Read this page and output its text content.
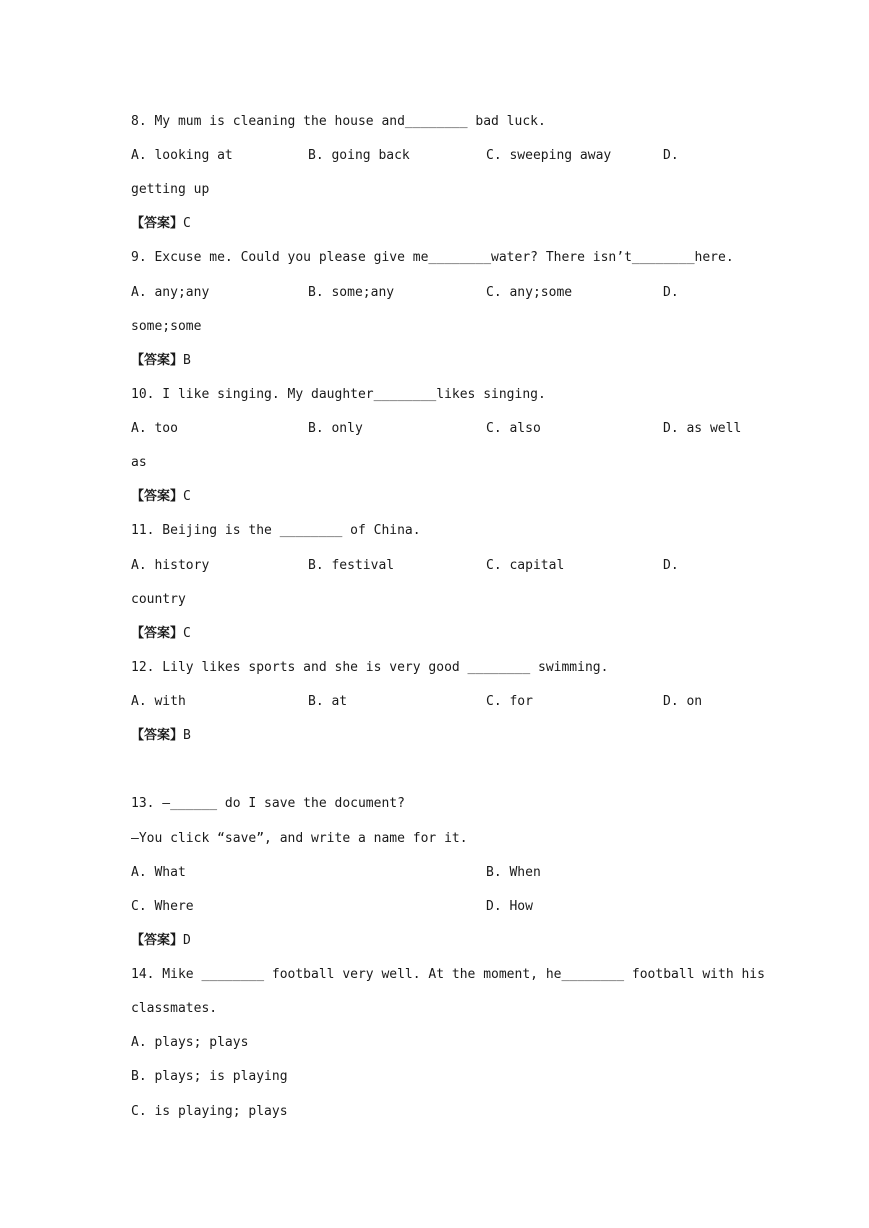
8. My mum is cleaning the house and________ bad luck.
A. looking at	B. going back	C. sweeping away	D.
getting up
【答案】C
9. Excuse me. Could you please give me________water? There isn’t________here.
A. any;any	B. some;any	C. any;some	D.
some;some
【答案】B
10. I like singing. My daughter________likes singing.
A. too	B. only	C. also	D. as well
as
【答案】C
11. Beijing is the ________ of China.
A. history	B. festival	C. capital	D.
country
【答案】C
12. Lily likes sports and she is very good ________ swimming.
A. with	B. at	C. for	D. on
【答案】B
13. —______ do I save the document?
—You click “save”, and write a name for it.
A. What	B. When
C. Where	D. How
【答案】D
14. Mike ________ football very well. At the moment, he________ football with his
classmates.
A. plays; plays
B. plays; is playing
C. is playing; plays
